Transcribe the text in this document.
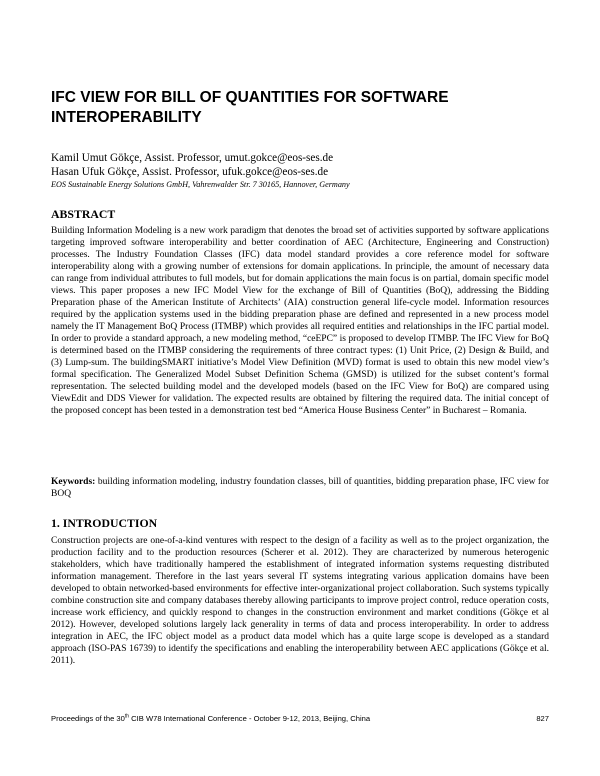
IFC VIEW FOR BILL OF QUANTITIES FOR SOFTWARE INTEROPERABILITY
Kamil Umut Gökçe, Assist. Professor, umut.gokce@eos-ses.de
Hasan Ufuk Gökçe, Assist. Professor, ufuk.gokce@eos-ses.de
EOS Sustainable Energy Solutions GmbH, Vahrenwalder Str. 7 30165, Hannover, Germany
ABSTRACT

Building Information Modeling is a new work paradigm that denotes the broad set of activities supported by software applications targeting improved software interoperability and better coordination of AEC (Architecture, Engineering and Construction) processes. The Industry Foundation Classes (IFC) data model standard provides a core reference model for software interoperability along with a growing number of extensions for domain applications. In principle, the amount of necessary data can range from individual attributes to full models, but for domain applications the main focus is on partial, domain specific model views. This paper proposes a new IFC Model View for the exchange of Bill of Quantities (BoQ), addressing the Bidding Preparation phase of the American Institute of Architects’ (AIA) construction general life-cycle model. Information resources required by the application systems used in the bidding preparation phase are defined and represented in a new process model namely the IT Management BoQ Process (ITMBP) which provides all required entities and relationships in the IFC partial model. In order to provide a standard approach, a new modeling method, “ceEPC” is proposed to develop ITMBP. The IFC View for BoQ is determined based on the ITMBP considering the requirements of three contract types: (1) Unit Price, (2) Design & Build, and (3) Lump-sum. The buildingSMART initiative’s Model View Definition (MVD) format is used to obtain this new model view’s formal specification. The Generalized Model Subset Definition Schema (GMSD) is utilized for the subset content’s formal representation. The selected building model and the developed models (based on the IFC View for BoQ) are compared using ViewEdit and DDS Viewer for validation. The expected results are obtained by filtering the required data. The initial concept of the proposed concept has been tested in a demonstration test bed “America House Business Center” in Bucharest – Romania.

Keywords: building information modeling, industry foundation classes, bill of quantities, bidding preparation phase, IFC view for BOQ

1. INTRODUCTION

Construction projects are one-of-a-kind ventures with respect to the design of a facility as well as to the project organization, the production facility and to the production resources (Scherer et al. 2012). They are characterized by numerous heterogenic stakeholders, which have traditionally hampered the establishment of integrated information systems requesting distributed information management. Therefore in the last years several IT systems integrating various application domains have been developed to obtain networked-based environments for effective inter-organizational project collaboration. Such systems typically combine construction site and company databases thereby allowing participants to improve project control, reduce operation costs, increase work efficiency, and quickly respond to changes in the construction environment and market conditions (Gökçe et al 2012). However, developed solutions largely lack generality in terms of data and process interoperability. In order to address integration in AEC, the IFC object model as a product data model which has a quite large scope is developed as a standard approach (ISO-PAS 16739) to identify the specifications and enabling the interoperability between AEC applications (Gökçe et al. 2011).

Proceedings of the 30th CIB W78 International Conference - October 9-12, 2013, Beijing, China	827
